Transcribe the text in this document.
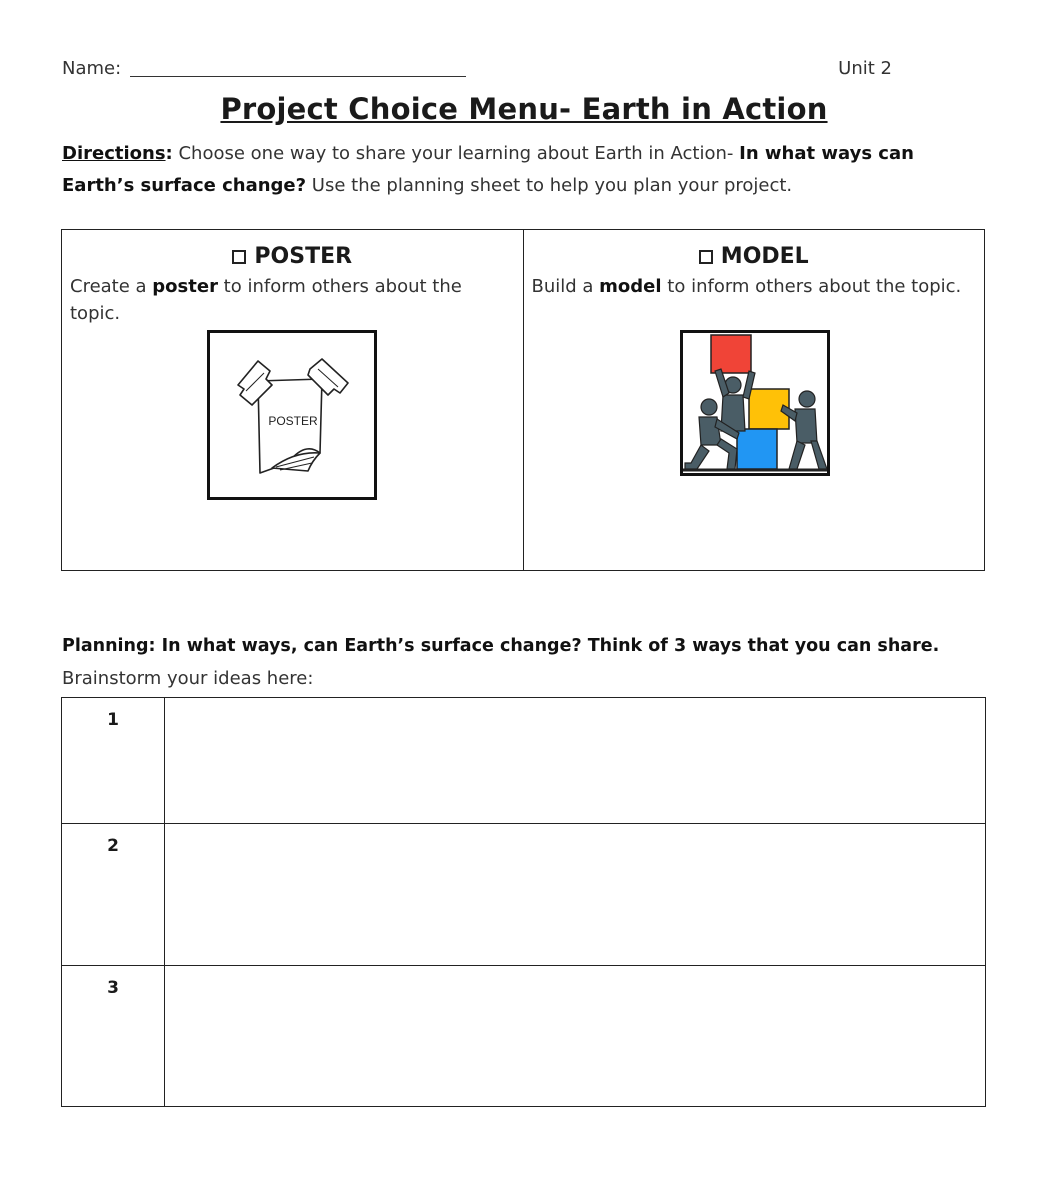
Name:	Unit 2
Project Choice Menu- Earth in Action
Directions: Choose one way to share your learning about Earth in Action- In what ways can Earth’s surface change? Use the planning sheet to help you plan your project.
POSTER
Create a poster to inform others about the topic.
POSTER
MODEL
Build a model to inform others about the topic.
Planning: In what ways, can Earth’s surface change? Think of 3 ways that you can share.
Brainstorm your ideas here:
1	
2	
3	
